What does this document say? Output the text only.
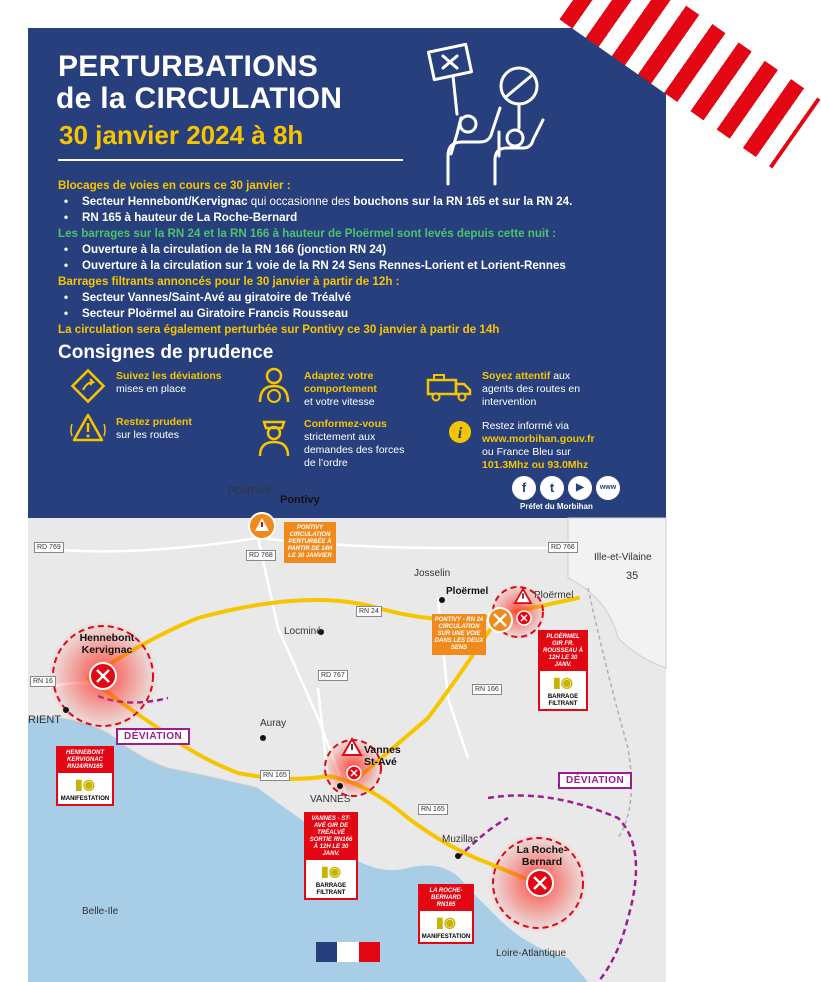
PERTURBATIONS
de la CIRCULATION
30 janvier 2024 à 8h
Blocages de voies en cours ce 30 janvier :
• Secteur Hennebont/Kervignac qui occasionne des bouchons sur la RN 165 et sur la RN 24.
• RN 165 à hauteur de La Roche-Bernard
Les barrages sur la RN 24 et la RN 166 à hauteur de Ploërmel sont levés depuis cette nuit :
• Ouverture à la circulation de la RN 166 (jonction RN 24)
• Ouverture à la circulation sur 1 voie de la RN 24 Sens Rennes-Lorient et Lorient-Rennes
Barrages filtrants annoncés pour le 30 janvier à partir de 12h :
• Secteur Vannes/Saint-Avé au giratoire de Tréalvé
• Secteur Ploërmel au Giratoire Francis Rousseau
La circulation sera également perturbée sur Pontivy ce 30 janvier à partir de 14h
Consignes de prudence
Suivez les déviations
mises en place
Adaptez votre comportement
et votre vitesse
Soyez attentif aux agents des routes en intervention
Restez prudent
sur les routes
Conformez-vous
strictement aux demandes des forces de l’ordre
i Restez informé via
www.morbihan.gouv.fr
ou France Bleu sur
101.3Mhz ou 93.0Mhz
f	t	▶	www
Préfet du Morbihan
PONTIVY
Pontivy
Josselin
Ploërmel	Ploërmel
Locminé
Hennebont Kervignac
RIENT	Auray
VANNES
Vannes St-Avé
Muzillac
La Roche-Bernard
Belle-Ile
Ille-et-Vilaine
35
Loire-Atlantique
RD 769
RD 768
RD 766
RN 24
RD 767
RN 166
RN 165
RN 165
RN 16
PONTIVY CIRCULATION PERTURBÉE À PARTIR DE 14H LE 30 JANVIER
PONTIVY - RN 24 CIRCULATION SUR UNE VOIE DANS LES DEUX SENS
PLOËRMEL GIR FR. ROUSSEAU À 12H LE 30 JANV.
▮◉
BARRAGE FILTRANT
HENNEBONT KERVIGNAC RN24/RN165
▮◉
MANIFESTATION
VANNES - ST-AVÉ GIR DE TRÉALVÉ SORTIE RN166 À 12H LE 30 JANV.
▮◉
BARRAGE FILTRANT	LA ROCHE-BERNARD RN165
▮◉
MANIFESTATION
DÉVIATION
DÉVIATION
